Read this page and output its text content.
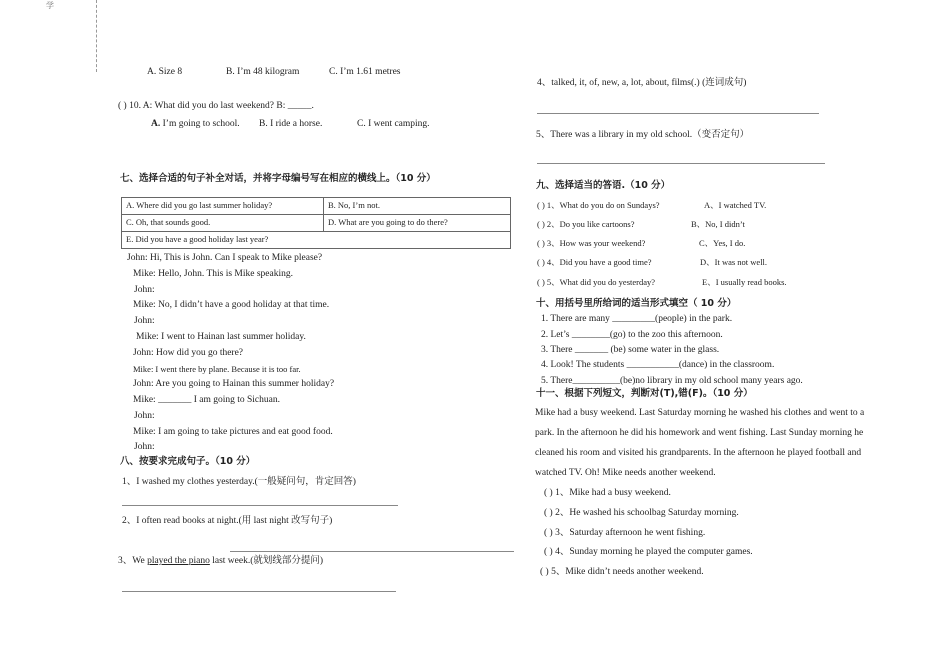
学
A. Size 8	B. I’m 48 kilogram	C. I’m 1.61 metres
( ) 10. A: What did you do last weekend? B: _____.
A. I’m going to school. B. I ride a horse.	C. I went camping.
七、选择合适的句子补全对话，并将字母编号写在相应的横线上。（10 分）
A. Where did you go last summer holiday?	B. No, I’m not.
C. Oh, that sounds good.	D. What are you going to do there?
E. Did you have a good holiday last year?	
John: Hi, This is John. Can I speak to Mike please?
Mike: Hello, John. This is Mike speaking.
John:
Mike: No, I didn’t have a good holiday at that time.
John:
Mike: I went to Hainan last summer holiday.
John: How did you go there?
Mike: I went there by plane. Because it is too far.
John: Are you going to Hainan this summer holiday?
Mike: _______ I am going to Sichuan.
John:
Mike: I am going to take pictures and eat good food.
John:
八、按要求完成句子。（10 分）
1、I washed my clothes yesterday.(一般疑问句，肯定回答)
2、I often read books at night.(用 last night 改写句子)
3、We played the piano last week.(就划线部分提问)
4、talked, it, of, new, a, lot, about, films(.) (连词成句)
5、There was a library in my old school.（变否定句）
九、选择适当的答语.（10 分）
( ) 1、What do you do on Sundays?	A、I watched TV.
( ) 2、Do you like cartoons?	B、No, I didn’t
( ) 3、How was your weekend?	C、Yes, I do.
( ) 4、Did you have a good time?	D、It was not well.
( ) 5、What did you do yesterday?	E、I usually read books.
十、用括号里所给词的适当形式填空（ 10 分）
1. There are many _________(people) in the park.
2. Let’s ________(go) to the zoo this afternoon.
3. There _______ (be) some water in the glass.
4. Look! The students ___________(dance) in the classroom.
5. There__________(be)no library in my old school many years ago.
十一、根据下列短文，判断对(T),错(F)。（10 分）
Mike had a busy weekend. Last Saturday morning he washed his clothes and went to a
park. In the afternoon he did his homework and went fishing. Last Sunday morning he
cleaned his room and visited his grandparents. In the afternoon he played football and
watched TV. Oh! Mike needs another weekend.
( ) 1、Mike had a busy weekend.
( ) 2、He washed his schoolbag Saturday morning.
( ) 3、Saturday afternoon he went fishing.
( ) 4、Sunday morning he played the computer games.
( ) 5、Mike didn’t needs another weekend.
